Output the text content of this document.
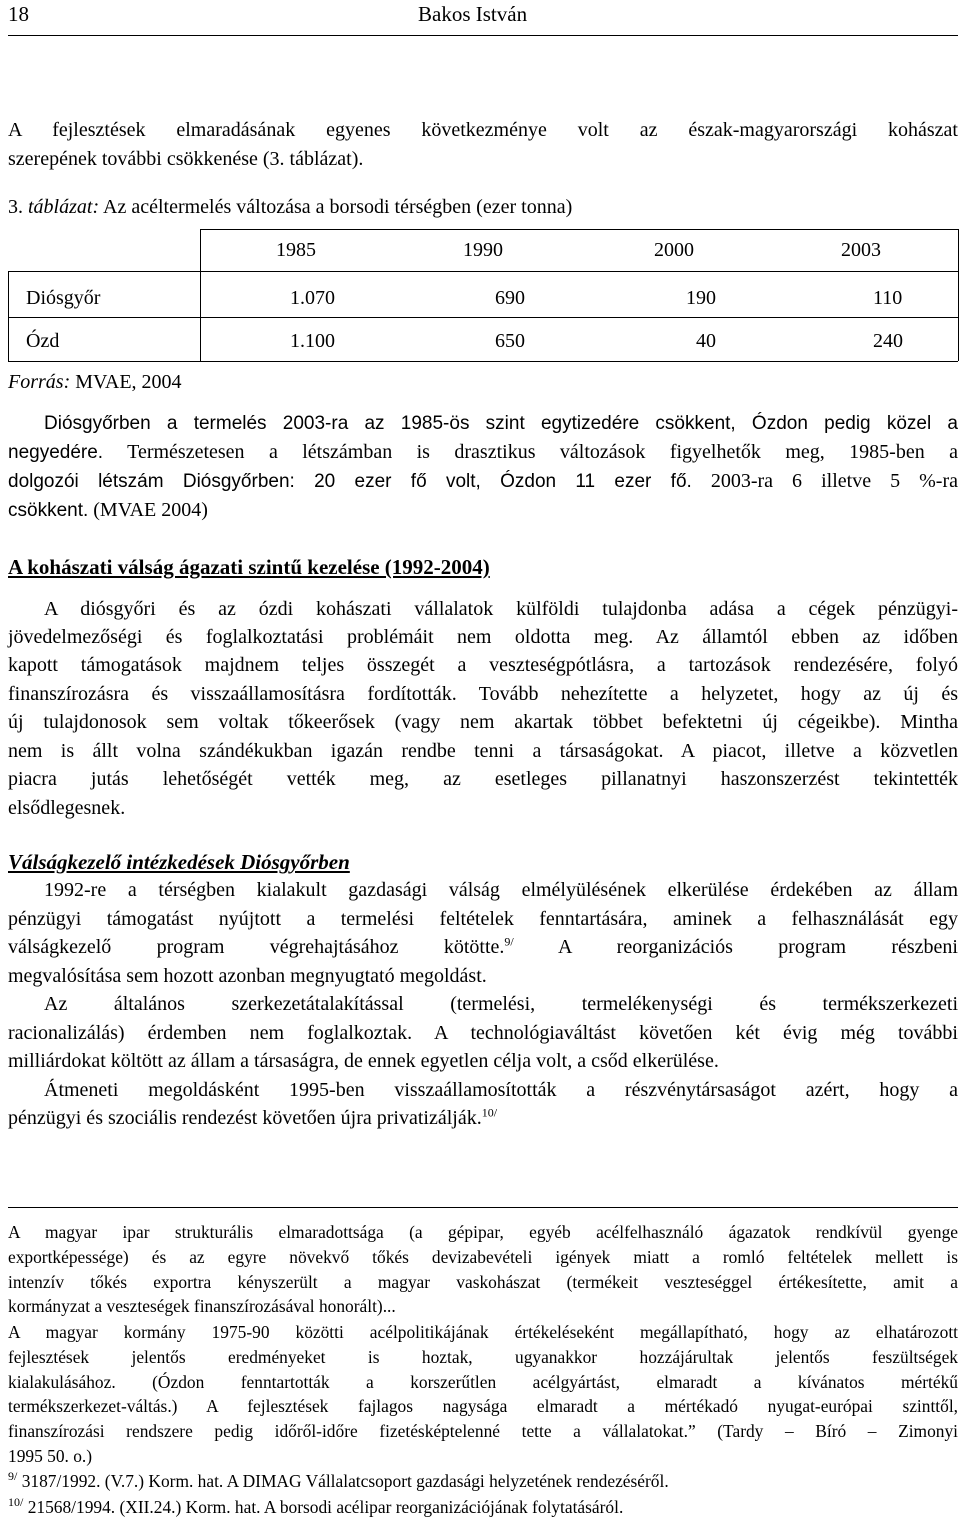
18	Bakos István
A fejlesztések elmaradásának egyenes következménye volt az észak-magyarországi kohászat
szerepének további csökkenése (3. táblázat).
3. táblázat: Az acéltermelés változása a borsodi térségben (ezer tonna)
1985	1990	2000	2003
Diósgyőr	1.070	690	190	110
Ózd	1.100	650	40	240
Forrás: MVAE, 2004
Diósgyőrben a termelés 2003-ra az 1985-ös szint egytizedére csökkent, Ózdon pedig közel a
negyedére. Természetesen a létszámban is drasztikus változások figyelhetők meg, 1985-ben a
dolgozói létszám Diósgyőrben: 20 ezer fő volt, Ózdon 11 ezer fő. 2003-ra 6 illetve 5 %-ra
csökkent. (MVAE 2004)
A kohászati válság ágazati szintű kezelése (1992-2004)
A diósgyőri és az ózdi kohászati vállalatok külföldi tulajdonba adása a cégek pénzügyi-
jövedelmezőségi és foglalkoztatási problémáit nem oldotta meg. Az államtól ebben az időben
kapott támogatások majdnem teljes összegét a veszteségpótlásra, a tartozások rendezésére, folyó
finanszírozásra és visszaállamosításra fordították. Tovább nehezítette a helyzetet, hogy az új és
új tulajdonosok sem voltak tőkeerősek (vagy nem akartak többet befektetni új cégeikbe). Mintha
nem is állt volna szándékukban igazán rendbe tenni a társaságokat. A piacot, illetve a közvetlen
piacra jutás lehetőségét vették meg, az esetleges pillanatnyi haszonszerzést tekintették
elsődlegesnek.
Válságkezelő intézkedések Diósgyőrben
1992-re a térségben kialakult gazdasági válság elmélyülésének elkerülése érdekében az állam
pénzügyi támogatást nyújtott a termelési feltételek fenntartására, aminek a felhasználását egy
válságkezelő program végrehajtásához kötötte.$^{9/}$ A reorganizációs program részbeni
megvalósítása sem hozott azonban megnyugtató megoldást.
Az általános szerkezetátalakítással (termelési, termelékenységi és termékszerkezeti
racionalizálás) érdemben nem foglalkoztak. A technológiaváltást követően két évig még további
milliárdokat költött az állam a társaságra, de ennek egyetlen célja volt, a csőd elkerülése.
Átmeneti megoldásként 1995-ben visszaállamosították a részvénytársaságot azért, hogy a
pénzügyi és szociális rendezést követően újra privatizálják.$^{10/}$
A magyar ipar strukturális elmaradottsága (a gépipar, egyéb acélfelhasználó ágazatok rendkívül gyenge
exportképessége) és az egyre növekvő tőkés devizabevételi igények miatt a romló feltételek mellett is
intenzív tőkés exportra kényszerült a magyar vaskohászat (termékeit veszteséggel értékesítette, amit a
kormányzat a veszteségek finanszírozásával honorált)...
A magyar kormány 1975-90 közötti acélpolitikájának értékeléseként megállapítható, hogy az elhatározott
fejlesztések jelentős eredményeket is hoztak, ugyanakkor hozzájárultak jelentős feszültségek
kialakulásához. (Ózdon fenntartották a korszerűtlen acélgyártást, elmaradt a kívánatos mértékű
termékszerkezet-váltás.) A fejlesztések fajlagos nagysága elmaradt a mértékadó nyugat-európai szinttől,
finanszírozási rendszere pedig időről-időre fizetésképtelenné tette a vállalatokat.” (Tardy – Bíró – Zimonyi
1995 50. o.)
$^{9/}$ 3187/1992. (V.7.) Korm. hat. A DIMAG Vállalatcsoport gazdasági helyzetének rendezéséről.
$^{10/}$ 21568/1994. (XII.24.) Korm. hat. A borsodi acélipar reorganizációjának folytatásáról.
